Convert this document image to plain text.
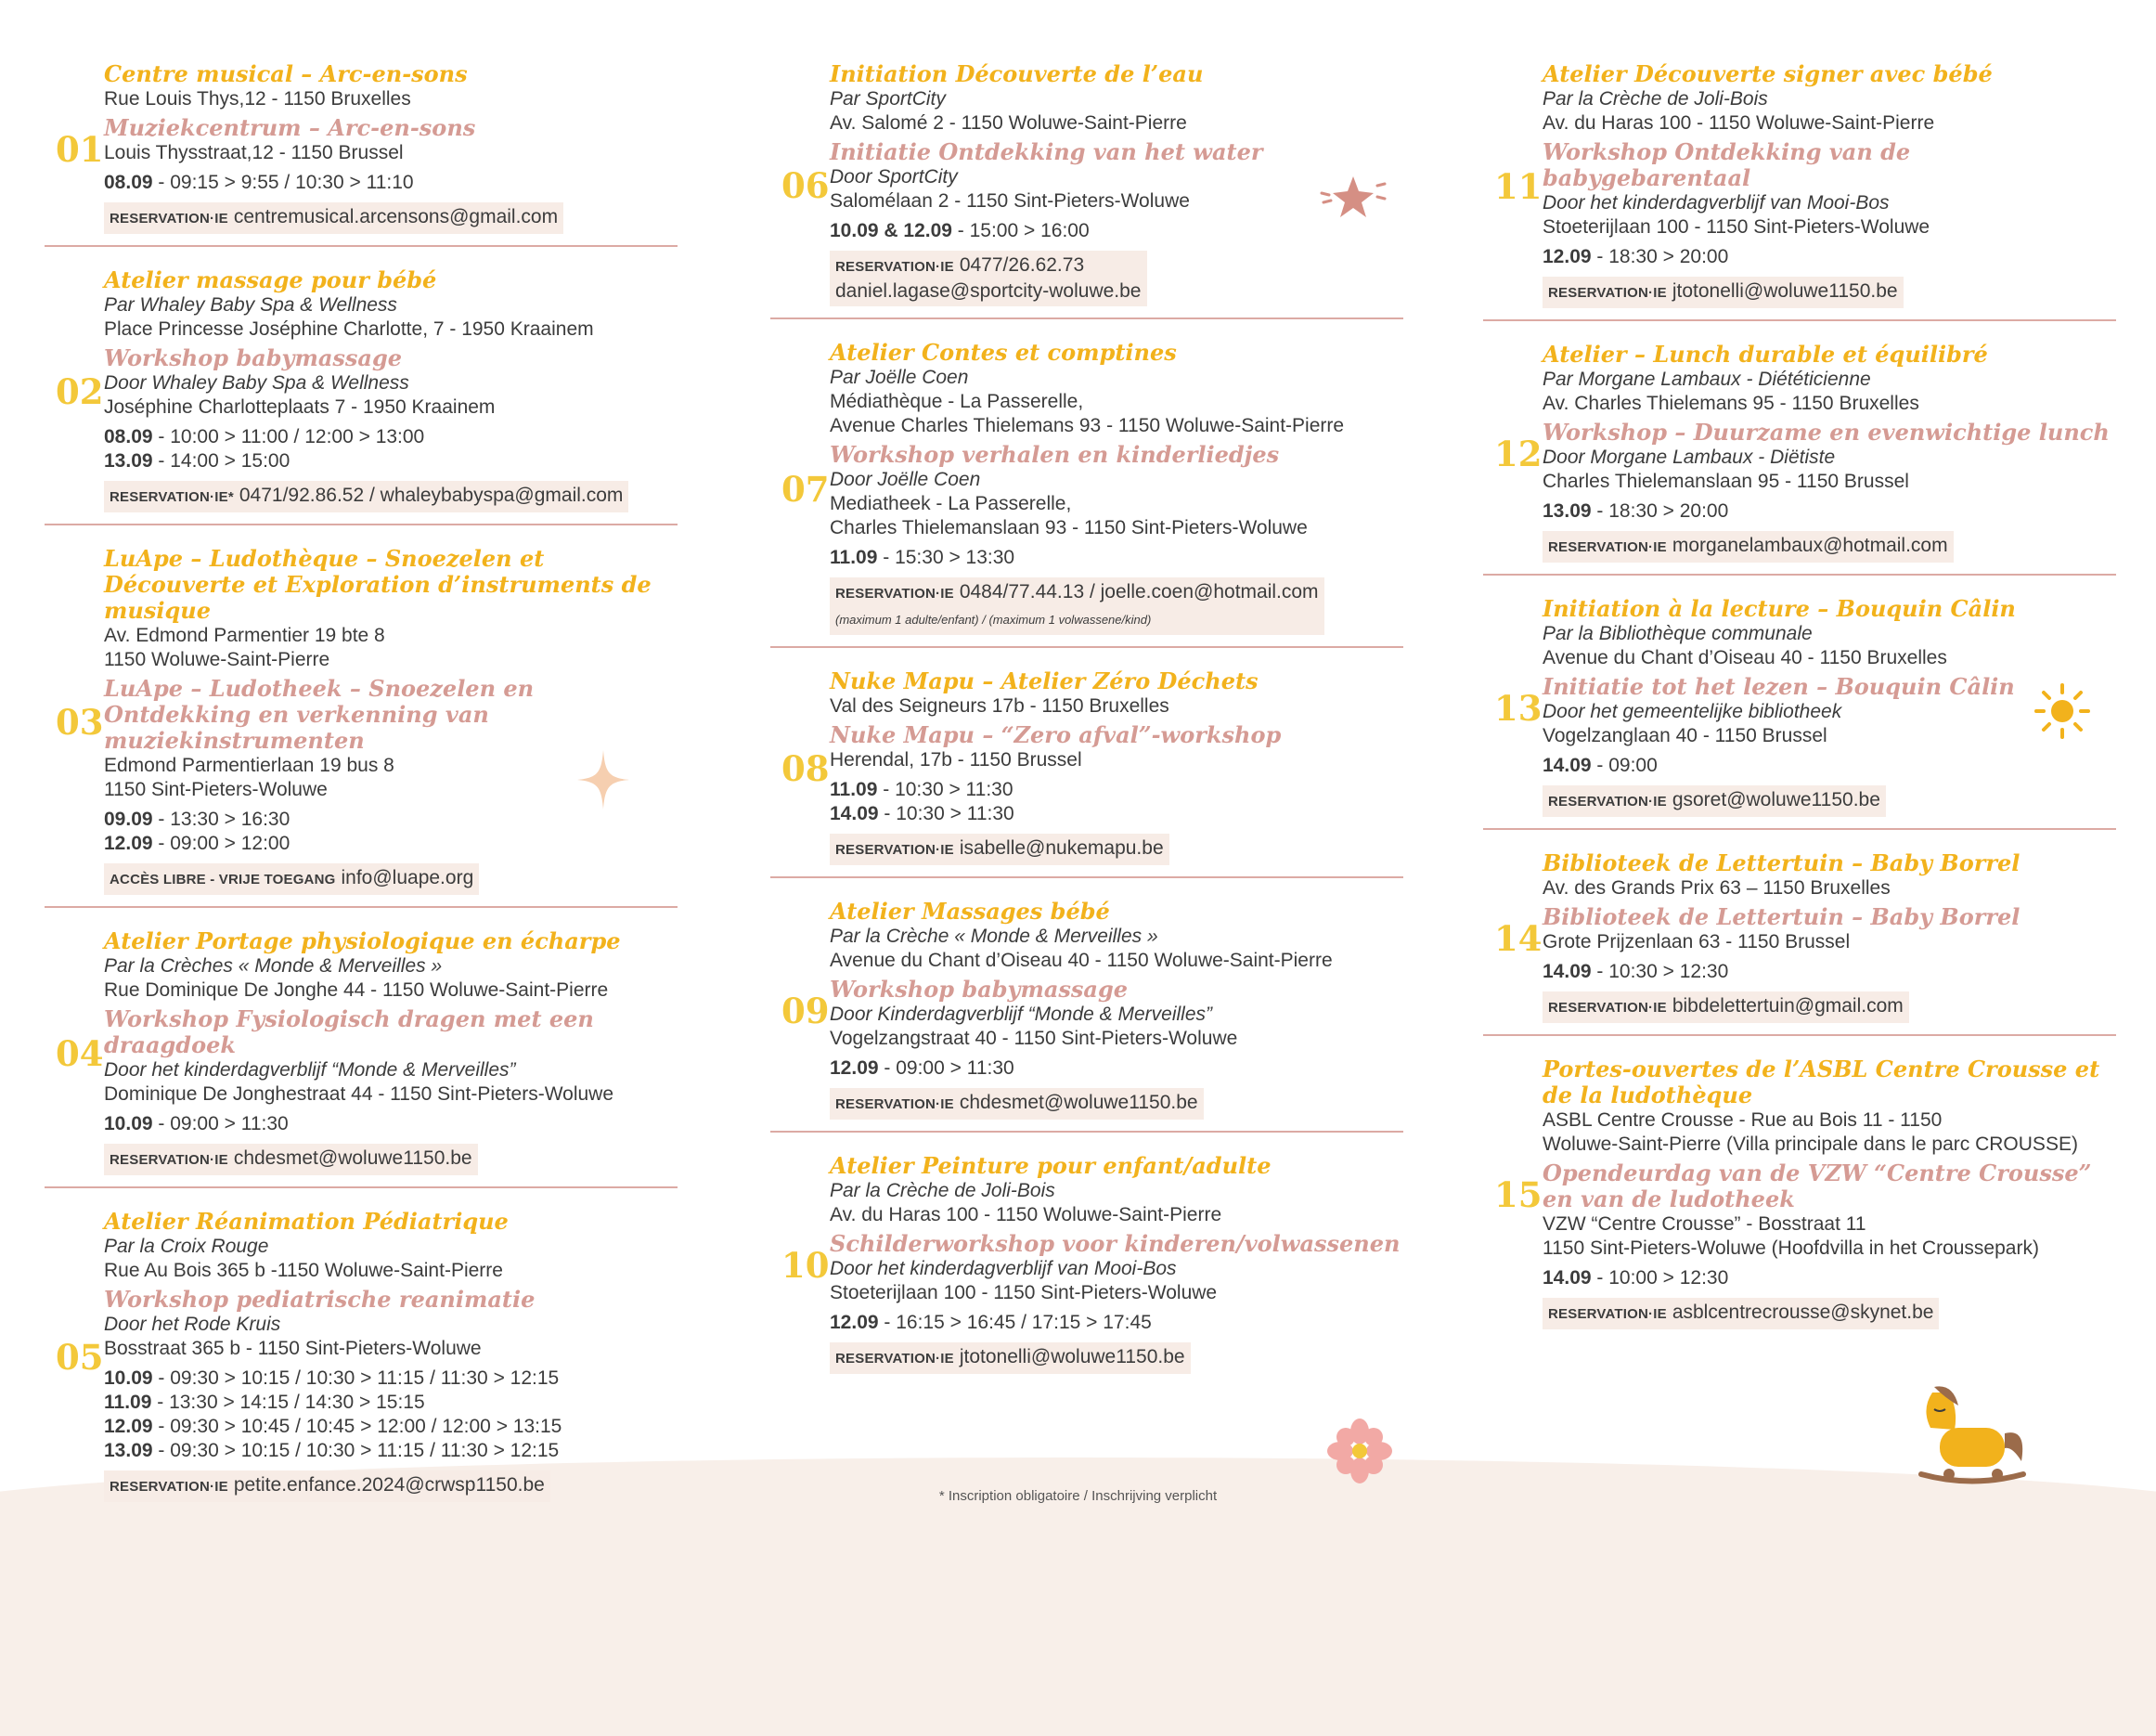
01
Centre musical – Arc-en-sons
Rue Louis Thys,12 - 1150 Bruxelles
Muziekcentrum – Arc-en-sons
Louis Thysstraat,12 - 1150 Brussel
08.09 - 09:15 > 9:55 / 10:30 > 11:10
RESERVATION·IE centremusical.arcensons@gmail.com
02
Atelier massage pour bébé
Par Whaley Baby Spa & Wellness
Place Princesse Joséphine Charlotte, 7 - 1950 Kraainem
Workshop babymassage
Door Whaley Baby Spa & Wellness
Joséphine Charlotteplaats 7 - 1950 Kraainem
08.09 - 10:00 > 11:00 / 12:00 > 13:00
13.09 - 14:00 > 15:00
RESERVATION·IE* 0471/92.86.52 / whaleybabyspa@gmail.com
03
LuApe – Ludothèque – Snoezelen et Découverte et Exploration d’instruments de musique
Av. Edmond Parmentier 19 bte 8
1150 Woluwe-Saint-Pierre
LuApe – Ludotheek – Snoezelen en Ontdekking en verkenning van muziekinstrumenten
Edmond Parmentierlaan 19 bus 8
1150 Sint-Pieters-Woluwe
09.09 - 13:30 > 16:30
12.09 - 09:00 > 12:00
ACCÈS LIBRE - VRIJE TOEGANG info@luape.org
04
Atelier Portage physiologique en écharpe
Par la Crèches « Monde & Merveilles »
Rue Dominique De Jonghe 44 - 1150 Woluwe-Saint-Pierre
Workshop Fysiologisch dragen met een draagdoek
Door het kinderdagverblijf “Monde & Merveilles”
Dominique De Jonghestraat 44 - 1150 Sint-Pieters-Woluwe
10.09 - 09:00 > 11:30
RESERVATION·IE chdesmet@woluwe1150.be
05
Atelier Réanimation Pédiatrique
Par la Croix Rouge
Rue Au Bois 365 b -1150 Woluwe-Saint-Pierre
Workshop pediatrische reanimatie
Door het Rode Kruis
Bosstraat 365 b - 1150 Sint-Pieters-Woluwe
10.09 - 09:30 > 10:15 / 10:30 > 11:15 / 11:30 > 12:15
11.09 - 13:30 > 14:15 / 14:30 > 15:15
12.09 - 09:30 > 10:45 / 10:45 > 12:00 / 12:00 > 13:15
13.09 - 09:30 > 10:15 / 10:30 > 11:15 / 11:30 > 12:15
RESERVATION·IE petite.enfance.2024@crwsp1150.be
06
Initiation Découverte de l’eau
Par SportCity
Av. Salomé 2 - 1150 Woluwe-Saint-Pierre
Initiatie Ontdekking van het water
Door SportCity
Salomélaan 2 - 1150 Sint-Pieters-Woluwe
10.09 & 12.09 - 15:00 > 16:00
RESERVATION·IE 0477/26.62.73
daniel.lagase@sportcity-woluwe.be
07
Atelier Contes et comptines
Par Joëlle Coen
Médiathèque - La Passerelle,
Avenue Charles Thielemans 93 - 1150 Woluwe-Saint-Pierre
Workshop verhalen en kinderliedjes
Door Joëlle Coen
Mediatheek - La Passerelle,
Charles Thielemanslaan 93 - 1150 Sint-Pieters-Woluwe
11.09 - 15:30 > 13:30
RESERVATION·IE 0484/77.44.13 / joelle.coen@hotmail.com
(maximum 1 adulte/enfant) / (maximum 1 volwassene/kind)
08
Nuke Mapu – Atelier Zéro Déchets
Val des Seigneurs 17b - 1150 Bruxelles
Nuke Mapu – “Zero afval”-workshop
Herendal, 17b - 1150 Brussel
11.09 - 10:30 > 11:30
14.09 - 10:30 > 11:30
RESERVATION·IE isabelle@nukemapu.be
09
Atelier Massages bébé
Par la Crèche « Monde & Merveilles »
Avenue du Chant d’Oiseau 40 - 1150 Woluwe-Saint-Pierre
Workshop babymassage
Door Kinderdagverblijf “Monde & Merveilles”
Vogelzangstraat 40 - 1150 Sint-Pieters-Woluwe
12.09 - 09:00 > 11:30
RESERVATION·IE chdesmet@woluwe1150.be
10
Atelier Peinture pour enfant/adulte
Par la Crèche de Joli-Bois
Av. du Haras 100 - 1150 Woluwe-Saint-Pierre
Schilderworkshop voor kinderen/volwassenen
Door het kinderdagverblijf van Mooi-Bos
Stoeterijlaan 100 - 1150 Sint-Pieters-Woluwe
12.09 - 16:15 > 16:45 / 17:15 > 17:45
RESERVATION·IE jtotonelli@woluwe1150.be
11
Atelier Découverte signer avec bébé
Par la Crèche de Joli-Bois
Av. du Haras 100 - 1150 Woluwe-Saint-Pierre
Workshop Ontdekking van de babygebarentaal
Door het kinderdagverblijf van Mooi-Bos
Stoeterijlaan 100 - 1150 Sint-Pieters-Woluwe
12.09 - 18:30 > 20:00
RESERVATION·IE jtotonelli@woluwe1150.be
12
Atelier – Lunch durable et équilibré
Par Morgane Lambaux - Diététicienne
Av. Charles Thielemans 95 - 1150 Bruxelles
Workshop – Duurzame en evenwichtige lunch
Door Morgane Lambaux - Diëtiste
Charles Thielemanslaan 95 - 1150 Brussel
13.09 - 18:30 > 20:00
RESERVATION·IE morganelambaux@hotmail.com
13
Initiation à la lecture – Bouquin Câlin
Par la Bibliothèque communale
Avenue du Chant d’Oiseau 40 - 1150 Bruxelles
Initiatie tot het lezen – Bouquin Câlin
Door het gemeentelijke bibliotheek
Vogelzanglaan 40 - 1150 Brussel
14.09 - 09:00
RESERVATION·IE gsoret@woluwe1150.be
14
Biblioteek de Lettertuin – Baby Borrel
Av. des Grands Prix 63 – 1150 Bruxelles
Biblioteek de Lettertuin – Baby Borrel
Grote Prijzenlaan 63 - 1150 Brussel
14.09 - 10:30 > 12:30
RESERVATION·IE bibdelettertuin@gmail.com
15
Portes-ouvertes de l’ASBL Centre Crousse et de la ludothèque
ASBL Centre Crousse - Rue au Bois 11 - 1150
Woluwe-Saint-Pierre (Villa principale dans le parc CROUSSE)
Opendeurdag van de VZW “Centre Crousse” en van de ludotheek
VZW “Centre Crousse” - Bosstraat 11
1150 Sint-Pieters-Woluwe (Hoofdvilla in het Croussepark)
14.09 - 10:00 > 12:30
RESERVATION·IE asblcentrecrousse@skynet.be
* Inscription obligatoire / Inschrijving verplicht
